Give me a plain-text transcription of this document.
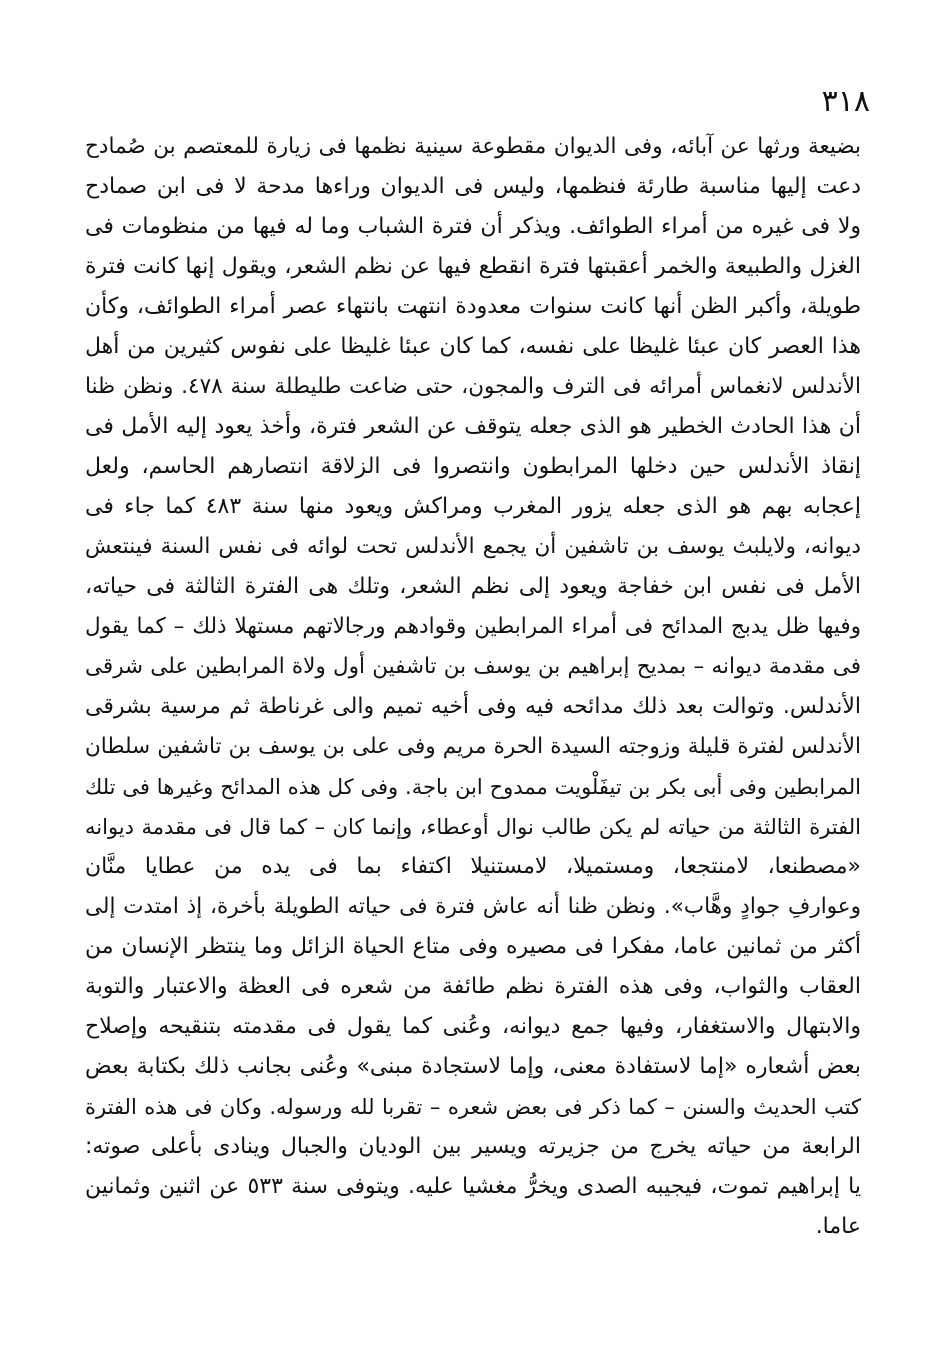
٣١٨
بضيعة ورثها عن آبائه، وفى الديوان مقطوعة سينية نظمها فى زيارة للمعتصم بن صُمادح
دعت إليها مناسبة طارئة فنظمها، وليس فى الديوان وراءها مدحة لا فى ابن صمادح
ولا فى غيره من أمراء الطوائف. ويذكر أن فترة الشباب وما له فيها من منظومات فى
الغزل والطبيعة والخمر أعقبتها فترة انقطع فيها عن نظم الشعر، ويقول إنها كانت فترة
طويلة، وأكبر الظن أنها كانت سنوات معدودة انتهت بانتهاء عصر أمراء الطوائف، وكأن
هذا العصر كان عبئا غليظا على نفسه، كما كان عبئا غليظا على نفوس كثيرين من أهل
الأندلس لانغماس أمرائه فى الترف والمجون، حتى ضاعت طليطلة سنة ٤٧٨. ونظن ظنا
أن هذا الحادث الخطير هو الذى جعله يتوقف عن الشعر فترة، وأخذ يعود إليه الأمل فى
إنقاذ الأندلس حين دخلها المرابطون وانتصروا فى الزلاقة انتصارهم الحاسم، ولعل
إعجابه بهم هو الذى جعله يزور المغرب ومراكش ويعود منها سنة ٤٨٣ كما جاء فى
ديوانه، ولايلبث يوسف بن تاشفين أن يجمع الأندلس تحت لوائه فى نفس السنة فينتعش
الأمل فى نفس ابن خفاجة ويعود إلى نظم الشعر، وتلك هى الفترة الثالثة فى حياته،
وفيها ظل يدبج المدائح فى أمراء المرابطين وقوادهم ورجالاتهم مستهلا ذلك – كما يقول
فى مقدمة ديوانه – بمديح إبراهيم بن يوسف بن تاشفين أول ولاة المرابطين على شرقى
الأندلس. وتوالت بعد ذلك مدائحه فيه وفى أخيه تميم والى غرناطة ثم مرسية بشرقى
الأندلس لفترة قليلة وزوجته السيدة الحرة مريم وفى على بن يوسف بن تاشفين سلطان
المرابطين وفى أبى بكر بن تيفَلْويت ممدوح ابن باجة. وفى كل هذه المدائح وغيرها فى تلك
الفترة الثالثة من حياته لم يكن طالب نوال أوعطاء، وإنما كان – كما قال فى مقدمة ديوانه
«مصطنعا، لامنتجعا، ومستميلا، لامستنيلا اكتفاء بما فى يده من عطايا منَّان
وعوارفِ جوادٍ وهَّاب». ونظن ظنا أنه عاش فترة فى حياته الطويلة بأخرة، إذ امتدت إلى
أكثر من ثمانين عاما، مفكرا فى مصيره وفى متاع الحياة الزائل وما ينتظر الإنسان من
العقاب والثواب، وفى هذه الفترة نظم طائفة من شعره فى العظة والاعتبار والتوبة
والابتهال والاستغفار، وفيها جمع ديوانه، وعُنى كما يقول فى مقدمته بتنقيحه وإصلاح
بعض أشعاره «إما لاستفادة معنى، وإما لاستجادة مبنى» وعُنى بجانب ذلك بكتابة بعض
كتب الحديث والسنن – كما ذكر فى بعض شعره – تقربا لله ورسوله. وكان فى هذه الفترة
الرابعة من حياته يخرج من جزيرته ويسير بين الوديان والجبال وينادى بأعلى صوته:
يا إبراهيم تموت، فيجيبه الصدى ويخرُّ مغشيا عليه. ويتوفى سنة ٥٣٣ عن اثنين وثمانين
عاما.
